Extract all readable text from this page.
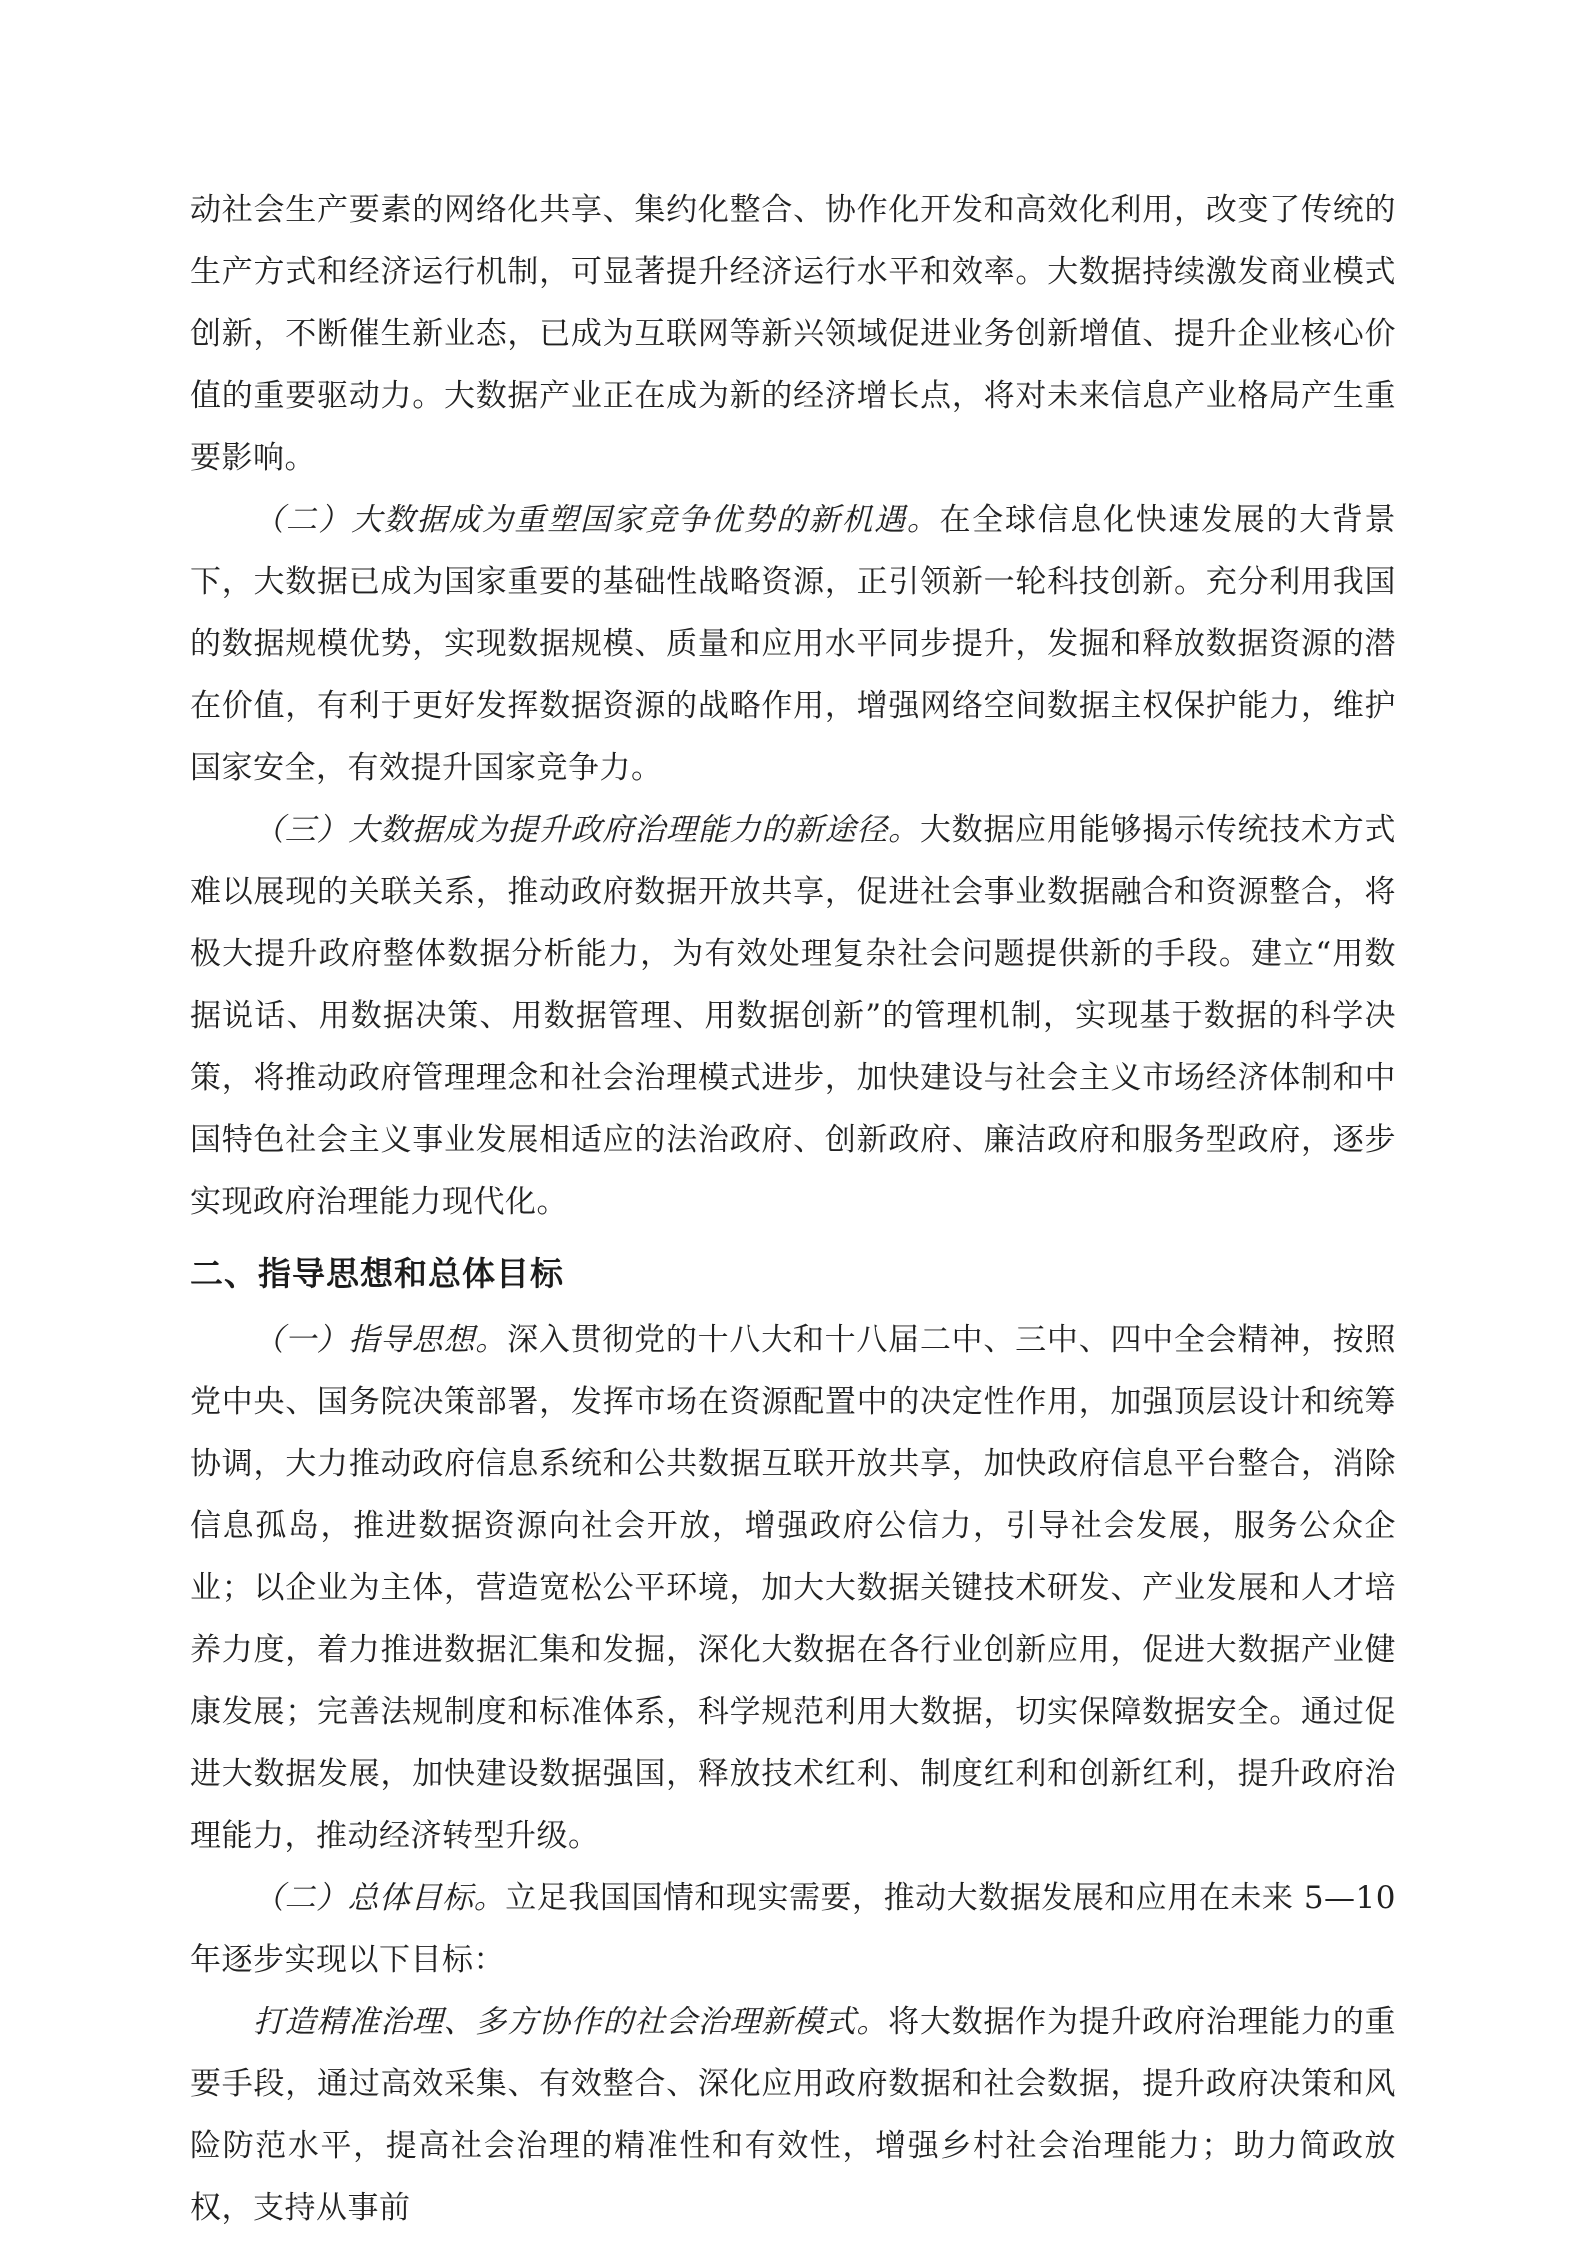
动社会生产要素的网络化共享、集约化整合、协作化开发和高效化利用，改变了传统的生产方式和经济运行机制，可显著提升经济运行水平和效率。大数据持续激发商业模式创新，不断催生新业态，已成为互联网等新兴领域促进业务创新增值、提升企业核心价值的重要驱动力。大数据产业正在成为新的经济增长点，将对未来信息产业格局产生重要影响。

（二）大数据成为重塑国家竞争优势的新机遇。在全球信息化快速发展的大背景下，大数据已成为国家重要的基础性战略资源，正引领新一轮科技创新。充分利用我国的数据规模优势，实现数据规模、质量和应用水平同步提升，发掘和释放数据资源的潜在价值，有利于更好发挥数据资源的战略作用，增强网络空间数据主权保护能力，维护国家安全，有效提升国家竞争力。

（三）大数据成为提升政府治理能力的新途径。大数据应用能够揭示传统技术方式难以展现的关联关系，推动政府数据开放共享，促进社会事业数据融合和资源整合，将极大提升政府整体数据分析能力，为有效处理复杂社会问题提供新的手段。建立“用数据说话、用数据决策、用数据管理、用数据创新”的管理机制，实现基于数据的科学决策，将推动政府管理理念和社会治理模式进步，加快建设与社会主义市场经济体制和中国特色社会主义事业发展相适应的法治政府、创新政府、廉洁政府和服务型政府，逐步实现政府治理能力现代化。

二、指导思想和总体目标

（一）指导思想。深入贯彻党的十八大和十八届二中、三中、四中全会精神，按照党中央、国务院决策部署，发挥市场在资源配置中的决定性作用，加强顶层设计和统筹协调，大力推动政府信息系统和公共数据互联开放共享，加快政府信息平台整合，消除信息孤岛，推进数据资源向社会开放，增强政府公信力，引导社会发展，服务公众企业；以企业为主体，营造宽松公平环境，加大大数据关键技术研发、产业发展和人才培养力度，着力推进数据汇集和发掘，深化大数据在各行业创新应用，促进大数据产业健康发展；完善法规制度和标准体系，科学规范利用大数据，切实保障数据安全。通过促进大数据发展，加快建设数据强国，释放技术红利、制度红利和创新红利，提升政府治理能力，推动经济转型升级。

（二）总体目标。立足我国国情和现实需要，推动大数据发展和应用在未来 5—10 年逐步实现以下目标：

打造精准治理、多方协作的社会治理新模式。将大数据作为提升政府治理能力的重要手段，通过高效采集、有效整合、深化应用政府数据和社会数据，提升政府决策和风险防范水平，提高社会治理的精准性和有效性，增强乡村社会治理能力；助力简政放权，支持从事前
